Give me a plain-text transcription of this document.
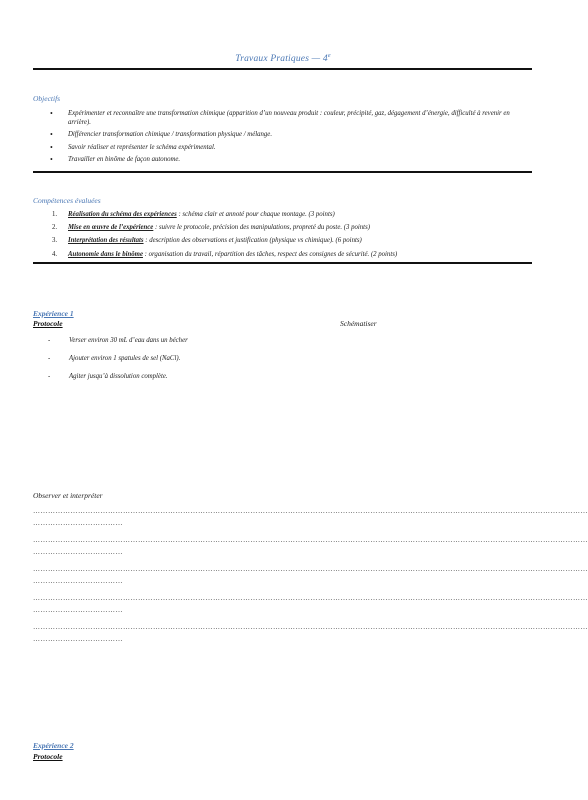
Travaux Pratiques — 4e
Objectifs
• Expérimenter et reconnaître une transformation chimique (apparition d’un nouveau produit : couleur, précipité, gaz, dégagement d’énergie, difficulté à revenir en arrière).
• Différencier transformation chimique / transformation physique / mélange.
• Savoir réaliser et représenter le schéma expérimental.
• Travailler en binôme de façon autonome.
Compétences évaluées
1. Réalisation du schéma des expériences : schéma clair et annoté pour chaque montage. (3 points)
2. Mise en œuvre de l’expérience : suivre le protocole, précision des manipulations, propreté du poste. (3 points)
3. Interprétation des résultats : description des observations et justification (physique vs chimique). (6 points)
4. Autonomie dans le binôme : organisation du travail, répartition des tâches, respect des consignes de sécurité. (2 points)
Expérience 1
Protocole	Schématiser
- Verser environ 30 mL d’eau dans un bécher
- Ajouter environ 1 spatules de sel (NaCl).
- Agiter jusqu’à dissolution complète.
Observer et interpréter
……………………………………………………………………………………………………………………………………………………………………………………………………
………………………………
……………………………………………………………………………………………………………………………………………………………………………………………………
………………………………
……………………………………………………………………………………………………………………………………………………………………………………………………
………………………………
……………………………………………………………………………………………………………………………………………………………………………………………………
………………………………
……………………………………………………………………………………………………………………………………………………………………………………………………
………………………………
Expérience 2
Protocole
